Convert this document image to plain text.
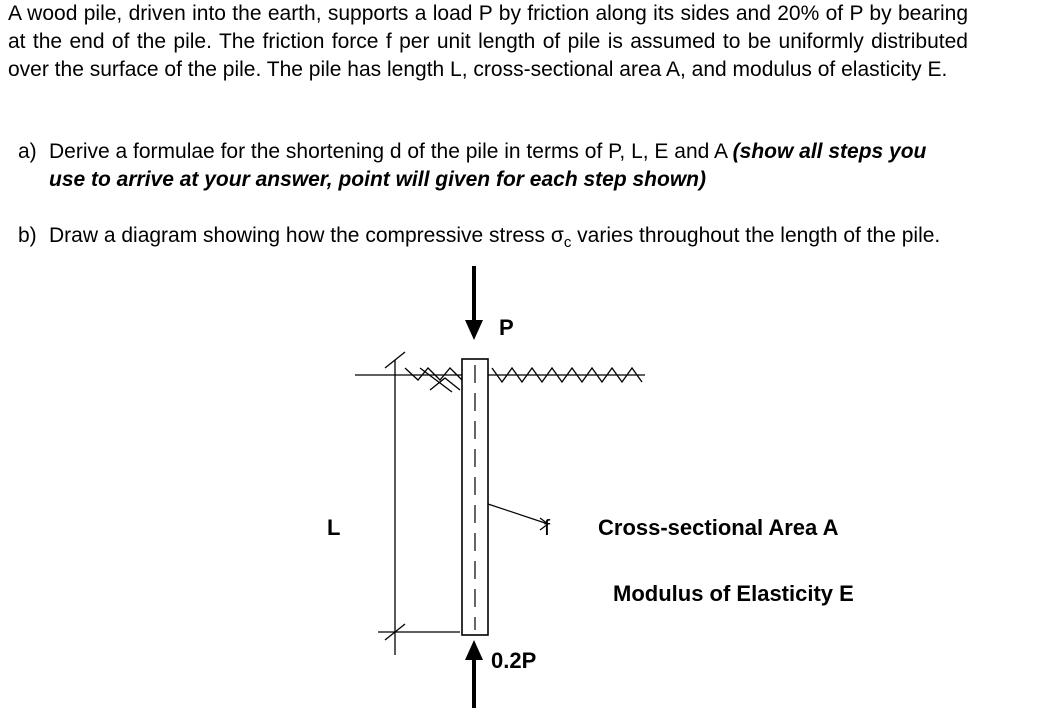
A wood pile, driven into the earth, supports a load P by friction along its sides and 20% of P by bearing at the end of the pile. The friction force f per unit length of pile is assumed to be uniformly distributed over the surface of the pile. The pile has length L, cross-sectional area A, and modulus of elasticity E.

a) Derive a formulae for the shortening d of the pile in terms of P, L, E and A (show all steps you use to arrive at your answer, point will given for each step shown)
b) Draw a diagram showing how the compressive stress $\sigma_c$ varies throughout the length of the pile.
P
L	f
0.2P
Cross-sectional Area A
Modulus of Elasticity E
